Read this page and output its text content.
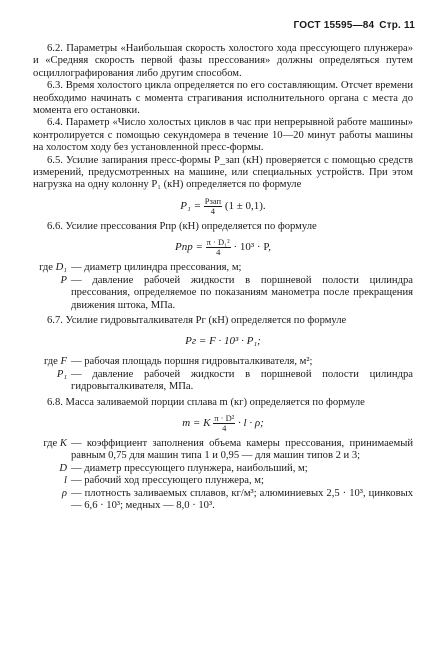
ГОСТ 15595—84 Стр. 11

6.2. Параметры «Наибольшая скорость холостого хода прессующего плунжера» и «Средняя скорость первой фазы прессования» должны определяться путем осциллографирования либо другим способом.

6.3. Время холостого цикла определяется по его составляющим. Отсчет времени необходимо начинать с момента страгивания исполнительного органа с места до момента его остановки.

6.4. Параметр «Число холостых циклов в час при непрерывной работе машины» контролируется с помощью секундомера в течение 10—20 минут работы машины на холостом ходу без установленной пресс-формы.

6.5. Усилие запирания пресс-формы P_зап (кН) проверяется с помощью средств измерений, предусмотренных на машине, или специальных устройств. При этом нагрузка на одну колонну P₁ (кН) определяется по формуле

$P_1 = \frac{\text{Pзап}}{4} (1 \pm 0,1)$.

6.6. Усилие прессования Pпр (кН) определяется по формуле

Pпр = $\frac{\text{π · D₁²}}{4} \cdot 10^3 \cdot P$,
где D₁ — диаметр цилиндра прессования, м;
P — давление рабочей жидкости в поршневой полости цилиндра прессования, определяемое по показаниям манометра после прекращения движения штока, МПа.

6.7. Усилие гидровыталкивателя Pг (кН) определяется по формуле

Pг = F · 10³ · P₁;
где F — рабочая площадь поршня гидровыталкивателя, м²;
P₁ — давление рабочей жидкости в поршневой полости цилиндра гидровыталкивателя, МПа.

6.8. Масса заливаемой порции сплава m (кг) определяется по формуле

m = K $\frac{\text{π · D²}}{4} \cdot l \cdot \rho$;
где K — коэффициент заполнения объема камеры прессования, принимаемый равным 0,75 для машин типа 1 и 0,95 — для машин типов 2 и 3;
D — диаметр прессующего плунжера, наибольший, м;
l — рабочий ход прессующего плунжера, м;
ρ — плотность заливаемых сплавов, кг/м³; алюминиевых 2,5 · 10³, цинковых — 6,6 · 10³; медных — 8,0 · 10³.
